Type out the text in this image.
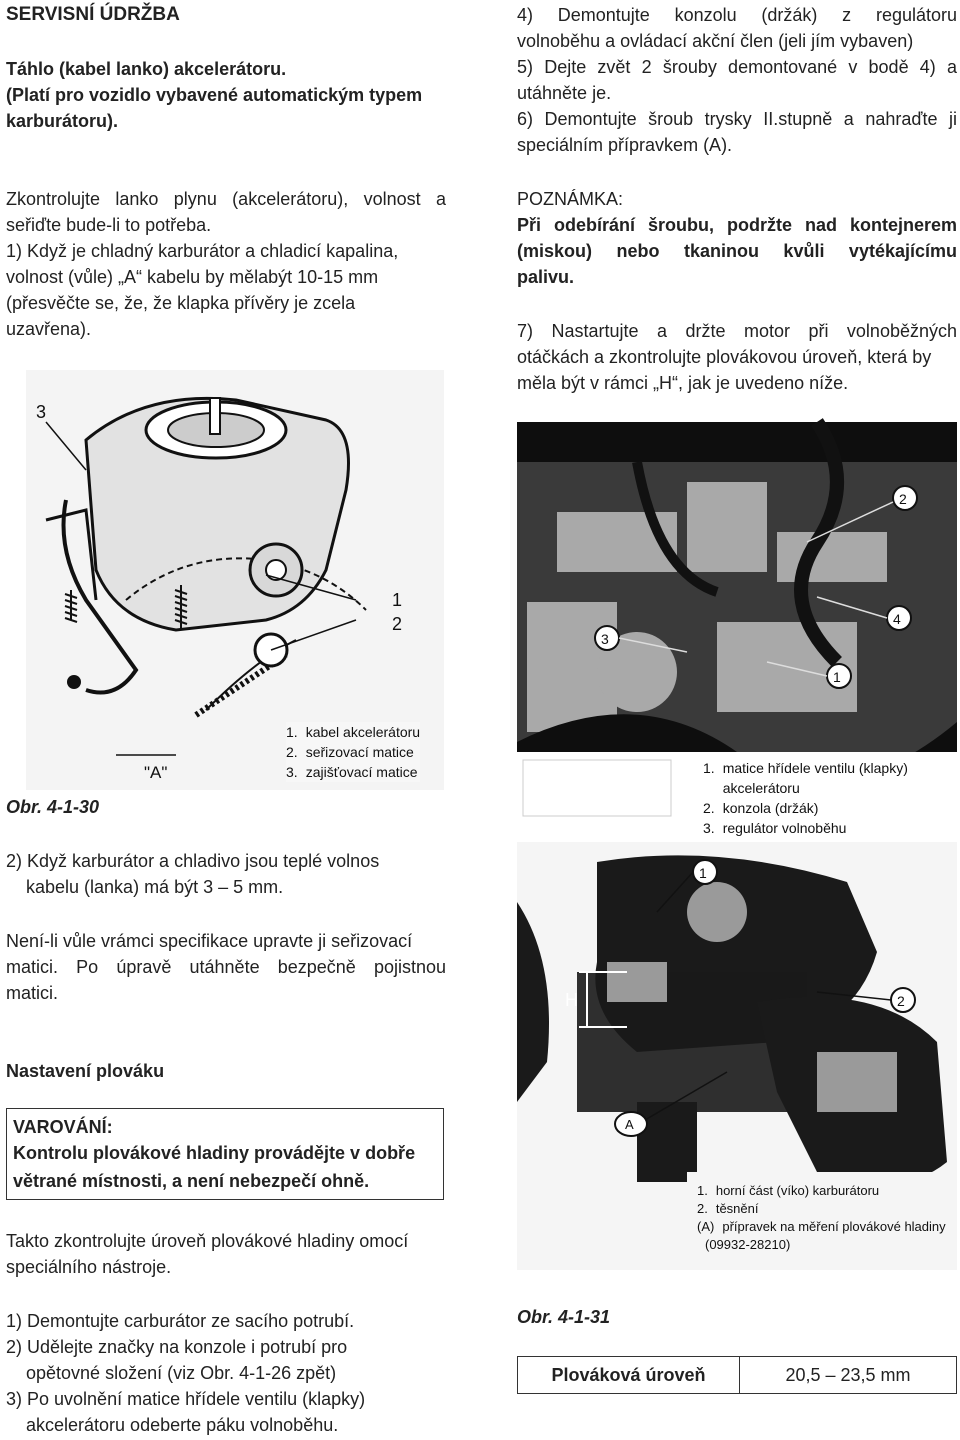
SERVISNÍ ÚDRŽBA

Táhlo (kabel lanko) akcelerátoru.

(Platí pro vozidlo vybavené automatickým typem

karburátoru).

Zkontrolujte lanko plynu (akcelerátoru), volnost a

seřiďte bude-li to potřeba.

1) Když je chladný karburátor a chladicí kapalina,

volnost (vůle) „A“ kabelu by mělabýt 10-15 mm

(přesvěčte se, že, že klapka přívěry je zcela

uzavřena).

3
1
2
"A"
1. kabel akcelerátoru
2. seřizovací matice
3. zajišťovací matice

Obr. 4-1-30

2) Když karburátor a chladivo jsou teplé volnos

kabelu (lanka) má být 3 – 5 mm.

Není-li vůle vrámci specifikace upravte ji seřizovací

matici. Po úpravě utáhněte bezpečně pojistnou

matici.

Nastavení plováku

VAROVÁNÍ:

Kontrolu plovákové hladiny provádějte v dobře

větrané místnosti, a není nebezpečí ohně.

Takto zkontrolujte úroveň plovákové hladiny omocí

speciálního nástroje.

1) Demontujte carburátor ze sacího potrubí.

2) Udělejte značky na konzole i potrubí pro

opětovné složení (viz Obr. 4-1-26 zpět)

3) Po uvolnění matice hřídele ventilu (klapky)

akcelerátoru odeberte páku volnoběhu.

4) Demontujte konzolu (držák) z regulátoru

volnoběhu a ovládací akční člen (jeli jím vybaven)

5) Dejte zvět 2 šrouby demontované v bodě 4) a

utáhněte je.

6) Demontujte šroub trysky II.stupně a nahraďte ji

speciálním přípravkem (A).

POZNÁMKA:

Při odebírání šroubu, podržte nad kontejnerem

(miskou) nebo tkaninou kvůli vytékajícímu

palivu.

7) Nastartujte a držte motor při volnoběžných

otáčkách a zkontrolujte plovákovou úroveň, která by

měla být v rámci „H“, jak je uvedeno níže.

2
3
4
1
1. matice hřídele ventilu (klapky) akcelerátoru
2. konzola (držák)
3. regulátor volnoběhu
1
H	2
A
1. horní část (víko) karburátoru
2. těsnění
(A) přípravek na měření plovákové hladiny
(09932-28210)

Obr. 4-1-31

Plováková úroveň	20,5 – 23,5 mm
